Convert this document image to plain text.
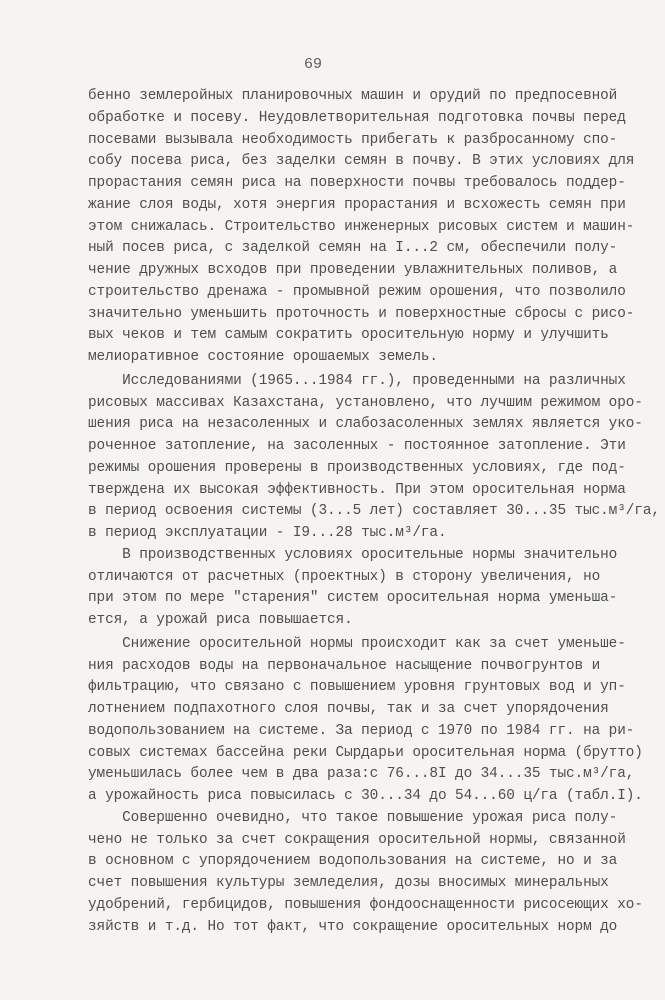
69
бенно землеройных планировочных машин и орудий по предпосевной
обработке и посеву. Неудовлетворительная подготовка почвы перед
посевами вызывала необходимость прибегать к разбросанному спо-
собу посева риса, без заделки семян в почву. В этих условиях для
прорастания семян риса на поверхности почвы требовалось поддер-
жание слоя воды, хотя энергия прорастания и всхожесть семян при
этом снижалась. Строительство инженерных рисовых систем и машин-
ный посев риса, с заделкой семян на I...2 см, обеспечили полу-
чение дружных всходов при проведении увлажнительных поливов, а
строительство дренажа - промывной режим орошения, что позволило
значительно уменьшить проточность и поверхностные сбросы с рисо-
вых чеков и тем самым сократить оросительную норму и улучшить
мелиоративное состояние орошаемых земель.
Исследованиями (1965...1984 гг.), проведенными на различных
рисовых массивах Казахстана, установлено, что лучшим режимом оро-
шения риса на незасоленных и слабозасоленных землях является уко-
роченное затопление, на засоленных - постоянное затопление. Эти
режимы орошения проверены в производственных условиях, где под-
тверждена их высокая эффективность. При этом оросительная норма
в период освоения системы (3...5 лет) составляет 30...35 тыс.м³/га,
в период эксплуатации - I9...28 тыс.м³/га.
В производственных условиях оросительные нормы значительно
отличаются от расчетных (проектных) в сторону увеличения, но
при этом по мере "старения" систем оросительная норма уменьша-
ется, а урожай риса повышается.
Снижение оросительной нормы происходит как за счет уменьше-
ния расходов воды на первоначальное насыщение почвогрунтов и
фильтрацию, что связано с повышением уровня грунтовых вод и уп-
лотнением подпахотного слоя почвы, так и за счет упорядочения
водопользованием на системе. За период с 1970 по 1984 гг. на ри-
совых системах бассейна реки Сырдарьи оросительная норма (брутто)
уменьшилась более чем в два раза:с 76...8I до 34...35 тыс.м³/га,
а урожайность риса повысилась с 30...34 до 54...60 ц/га (табл.I).
Совершенно очевидно, что такое повышение урожая риса полу-
чено не только за счет сокращения оросительной нормы, связанной
в основном с упорядочением водопользования на системе, но и за
счет повышения культуры земледелия, дозы вносимых минеральных
удобрений, гербицидов, повышения фондооснащенности рисосеющих хо-
зяйств и т.д. Но тот факт, что сокращение оросительных норм до
